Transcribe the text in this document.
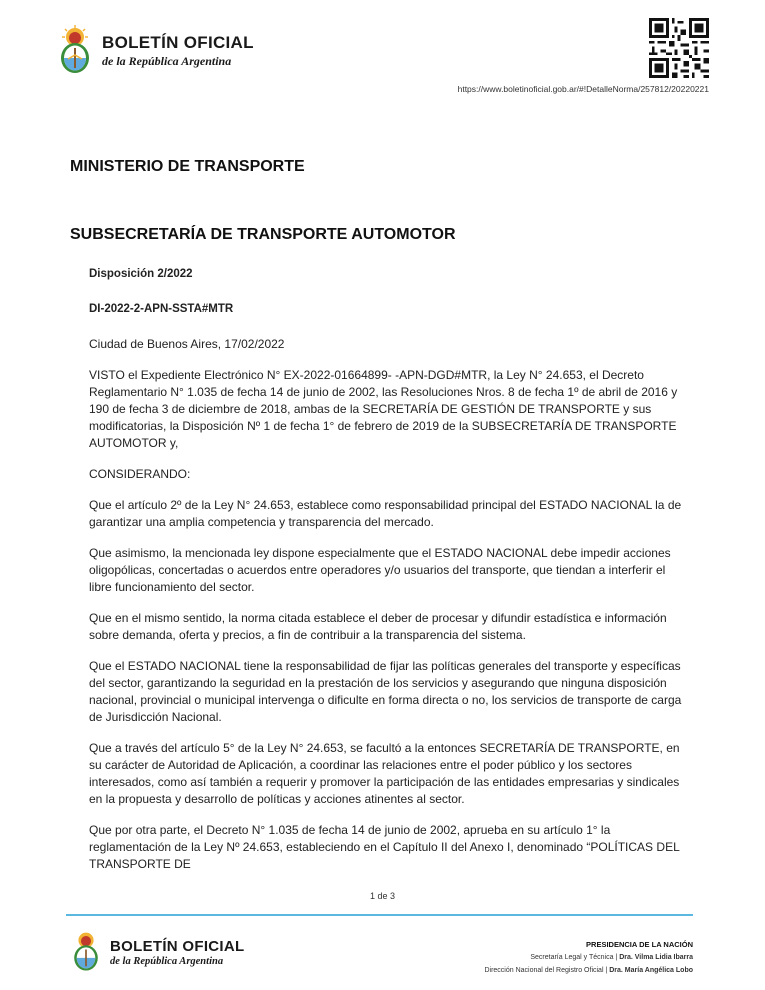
BOLETÍN OFICIAL
de la República Argentina
https://www.boletinoficial.gob.ar/#!DetalleNorma/257812/20220221
MINISTERIO DE TRANSPORTE
SUBSECRETARÍA DE TRANSPORTE AUTOMOTOR

Disposición 2/2022

DI-2022-2-APN-SSTA#MTR

Ciudad de Buenos Aires, 17/02/2022

VISTO el Expediente Electrónico N° EX-2022-01664899- -APN-DGD#MTR, la Ley N° 24.653, el Decreto Reglamentario N° 1.035 de fecha 14 de junio de 2002, las Resoluciones Nros. 8 de fecha 1º de abril de 2016 y 190 de fecha 3 de diciembre de 2018, ambas de la SECRETARÍA DE GESTIÓN DE TRANSPORTE y sus modificatorias, la Disposición Nº 1 de fecha 1° de febrero de 2019 de la SUBSECRETARÍA DE TRANSPORTE AUTOMOTOR y,

CONSIDERANDO:

Que el artículo 2º de la Ley N° 24.653, establece como responsabilidad principal del ESTADO NACIONAL la de garantizar una amplia competencia y transparencia del mercado.

Que asimismo, la mencionada ley dispone especialmente que el ESTADO NACIONAL debe impedir acciones oligopólicas, concertadas o acuerdos entre operadores y/o usuarios del transporte, que tiendan a interferir el libre funcionamiento del sector.

Que en el mismo sentido, la norma citada establece el deber de procesar y difundir estadística e información sobre demanda, oferta y precios, a fin de contribuir a la transparencia del sistema.

Que el ESTADO NACIONAL tiene la responsabilidad de fijar las políticas generales del transporte y específicas del sector, garantizando la seguridad en la prestación de los servicios y asegurando que ninguna disposición nacional, provincial o municipal intervenga o dificulte en forma directa o no, los servicios de transporte de carga de Jurisdicción Nacional.

Que a través del artículo 5° de la Ley N° 24.653, se facultó a la entonces SECRETARÍA DE TRANSPORTE, en su carácter de Autoridad de Aplicación, a coordinar las relaciones entre el poder público y los sectores interesados, como así también a requerir y promover la participación de las entidades empresarias y sindicales en la propuesta y desarrollo de políticas y acciones atinentes al sector.

Que por otra parte, el Decreto N° 1.035 de fecha 14 de junio de 2002, aprueba en su artículo 1° la reglamentación de la Ley Nº 24.653, estableciendo en el Capítulo II del Anexo I, denominado “POLÍTICAS DEL TRANSPORTE DE

1 de 3
BOLETÍN OFICIAL
de la República Argentina
PRESIDENCIA DE LA NACIÓN
Secretaría Legal y Técnica | Dra. Vilma Lidia Ibarra
Dirección Nacional del Registro Oficial | Dra. María Angélica Lobo
